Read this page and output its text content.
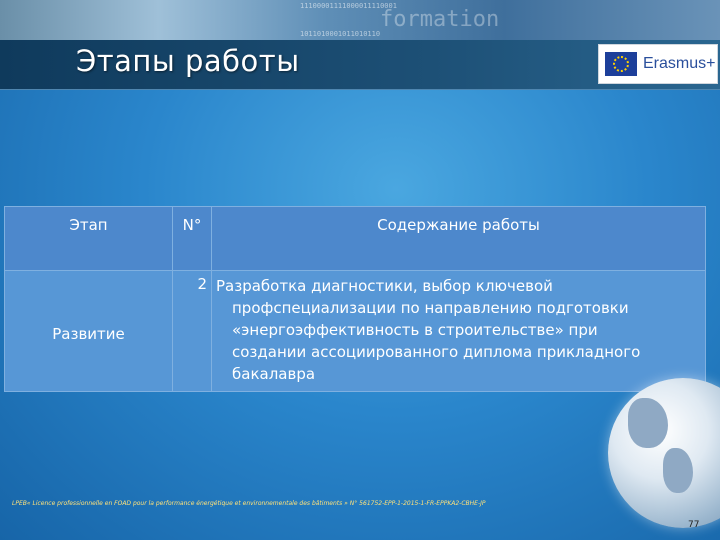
11100001111000011110001
formation
1011010001011010110
Этапы работы	Erasmus+
Этап	N°	Содержание работы
Развитие	2	Разработка диагностики, выбор ключевой
профспециализации по направлению подготовки
«энергоэффективность в строительстве» при
создании ассоциированного диплома прикладного
бакалавра
LPEB« Licence professionnelle en FOAD pour la performance énergétique et environnementale des bâtiments » N° 561752-EPP-1-2015-1-FR-EPPKA2-CBHE-JP
77
